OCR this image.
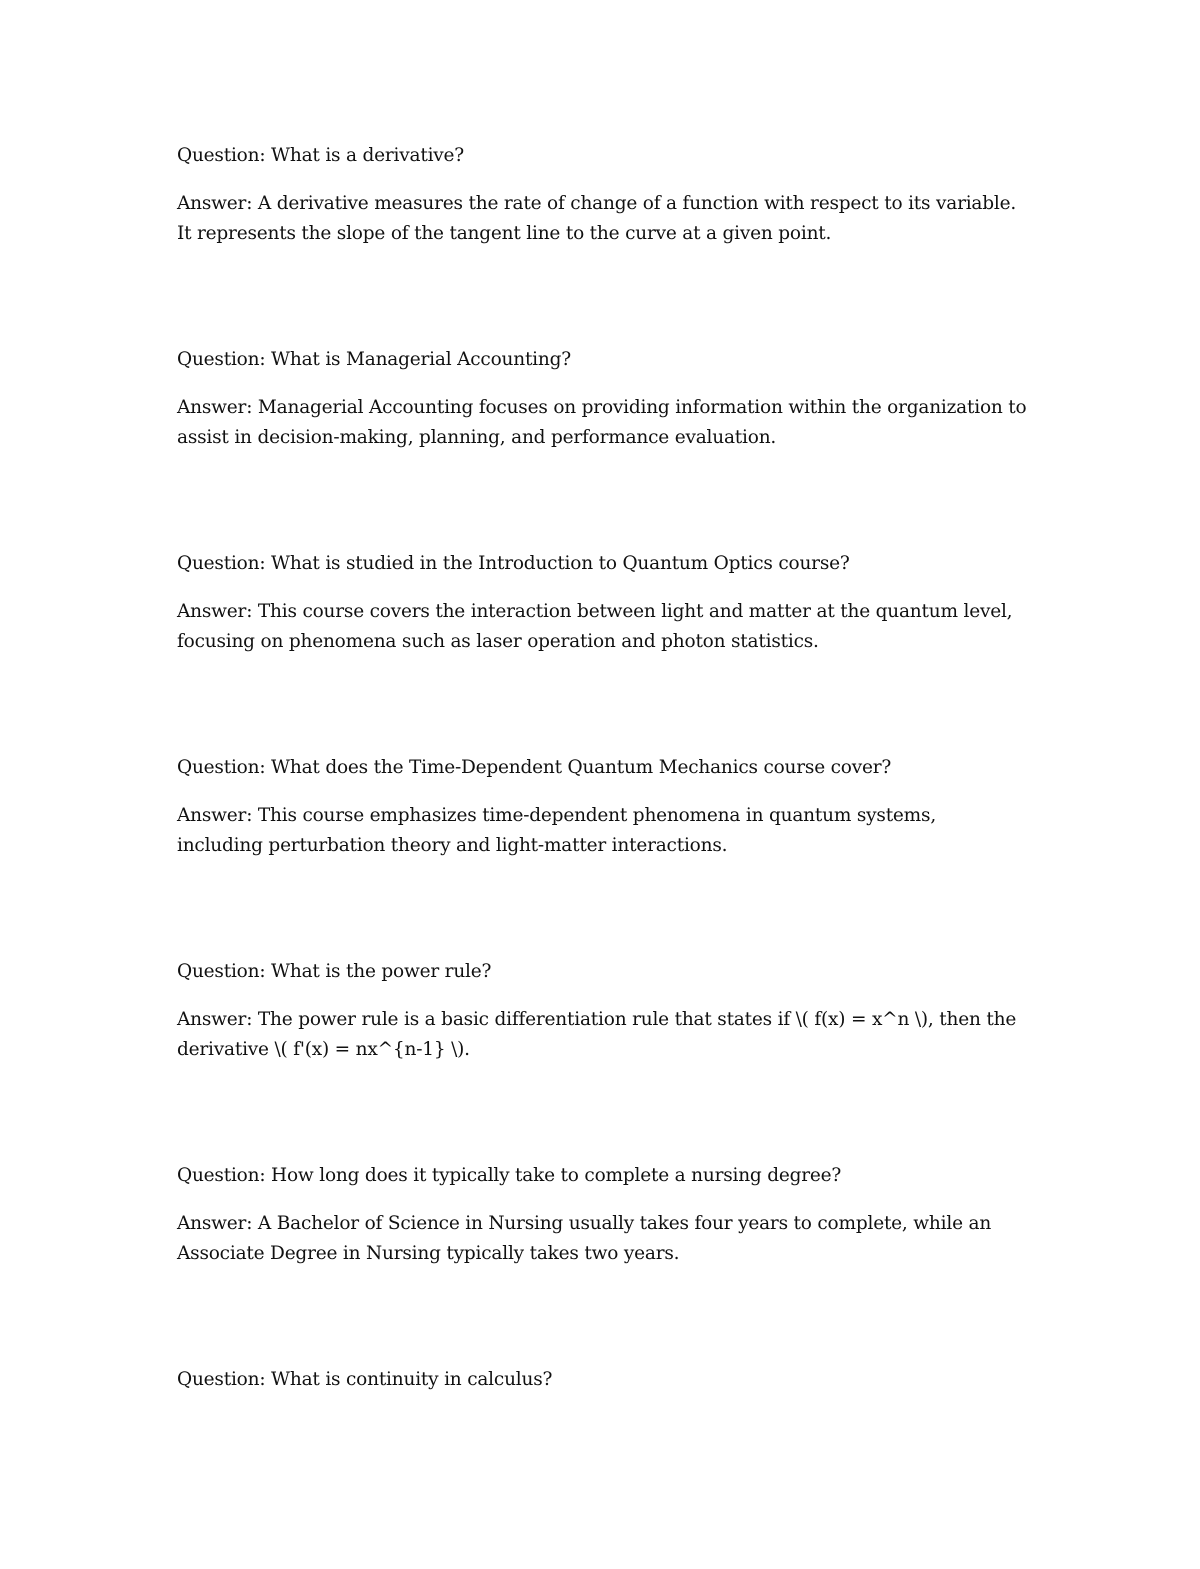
Question: What is a derivative?

Answer: A derivative measures the rate of change of a function with respect to its variable. It represents the slope of the tangent line to the curve at a given point.

Question: What is Managerial Accounting?

Answer: Managerial Accounting focuses on providing information within the organization to assist in decision-making, planning, and performance evaluation.

Question: What is studied in the Introduction to Quantum Optics course?

Answer: This course covers the interaction between light and matter at the quantum level, focusing on phenomena such as laser operation and photon statistics.

Question: What does the Time-Dependent Quantum Mechanics course cover?

Answer: This course emphasizes time-dependent phenomena in quantum systems, including perturbation theory and light-matter interactions.

Question: What is the power rule?

Answer: The power rule is a basic differentiation rule that states if \( f(x) = x^n \), then the derivative \( f'(x) = nx^{n-1} \).

Question: How long does it typically take to complete a nursing degree?

Answer: A Bachelor of Science in Nursing usually takes four years to complete, while an Associate Degree in Nursing typically takes two years.

Question: What is continuity in calculus?
